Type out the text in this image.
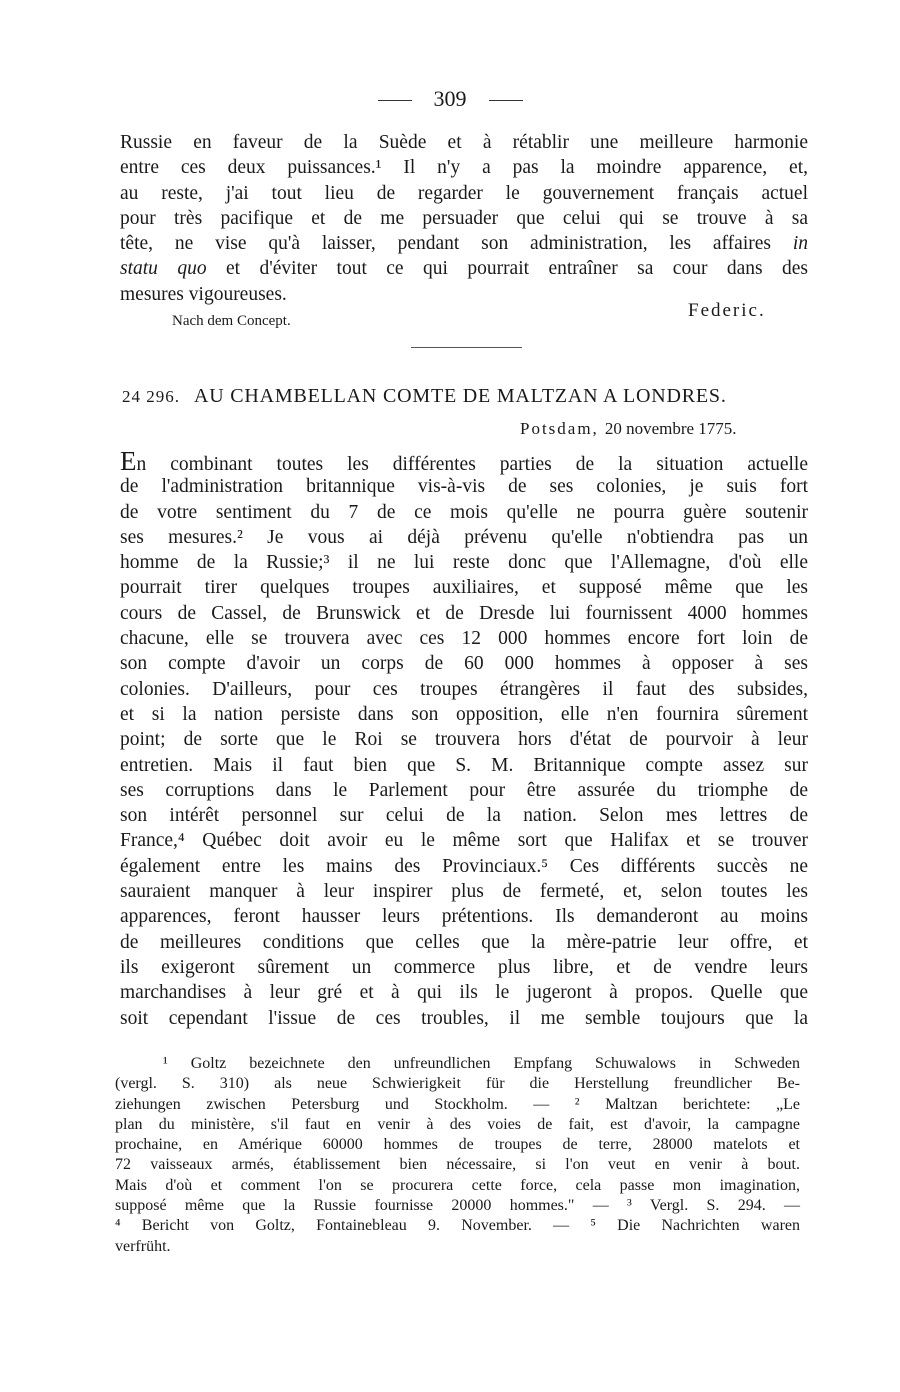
309
Russie en faveur de la Suède et à rétablir une meilleure harmonie
entre ces deux puissances.¹ Il n'y a pas la moindre apparence, et,
au reste, j'ai tout lieu de regarder le gouvernement français actuel
pour très pacifique et de me persuader que celui qui se trouve à sa
tête, ne vise qu'à laisser, pendant son administration, les affaires in
statu quo et d'éviter tout ce qui pourrait entraîner sa cour dans des
mesures vigoureuses.
Nach dem Concept.	Federic.
24 296. AU CHAMBELLAN COMTE DE MALTZAN A LONDRES.
Potsdam, 20 novembre 1775.
En combinant toutes les différentes parties de la situation actuelle
de l'administration britannique vis-à-vis de ses colonies, je suis fort
de votre sentiment du 7 de ce mois qu'elle ne pourra guère soutenir
ses mesures.² Je vous ai déjà prévenu qu'elle n'obtiendra pas un
homme de la Russie;³ il ne lui reste donc que l'Allemagne, d'où elle
pourrait tirer quelques troupes auxiliaires, et supposé même que les
cours de Cassel, de Brunswick et de Dresde lui fournissent 4000 hommes
chacune, elle se trouvera avec ces 12 000 hommes encore fort loin de
son compte d'avoir un corps de 60 000 hommes à opposer à ses
colonies. D'ailleurs, pour ces troupes étrangères il faut des subsides,
et si la nation persiste dans son opposition, elle n'en fournira sûrement
point; de sorte que le Roi se trouvera hors d'état de pourvoir à leur
entretien. Mais il faut bien que S. M. Britannique compte assez sur
ses corruptions dans le Parlement pour être assurée du triomphe de
son intérêt personnel sur celui de la nation. Selon mes lettres de
France,⁴ Québec doit avoir eu le même sort que Halifax et se trouver
également entre les mains des Provinciaux.⁵ Ces différents succès ne
sauraient manquer à leur inspirer plus de fermeté, et, selon toutes les
apparences, feront hausser leurs prétentions. Ils demanderont au moins
de meilleures conditions que celles que la mère-patrie leur offre, et
ils exigeront sûrement un commerce plus libre, et de vendre leurs
marchandises à leur gré et à qui ils le jugeront à propos. Quelle que
soit cependant l'issue de ces troubles, il me semble toujours que la
¹ Goltz bezeichnete den unfreundlichen Empfang Schuwalows in Schweden
(vergl. S. 310) als neue Schwierigkeit für die Herstellung freundlicher Be-
ziehungen zwischen Petersburg und Stockholm. — ² Maltzan berichtete: „Le
plan du ministère, s'il faut en venir à des voies de fait, est d'avoir, la campagne
prochaine, en Amérique 60000 hommes de troupes de terre, 28000 matelots et
72 vaisseaux armés, établissement bien nécessaire, si l'on veut en venir à bout.
Mais d'où et comment l'on se procurera cette force, cela passe mon imagination,
supposé même que la Russie fournisse 20000 hommes." — ³ Vergl. S. 294. —
⁴ Bericht von Goltz, Fontainebleau 9. November. — ⁵ Die Nachrichten waren
verfrüht.
